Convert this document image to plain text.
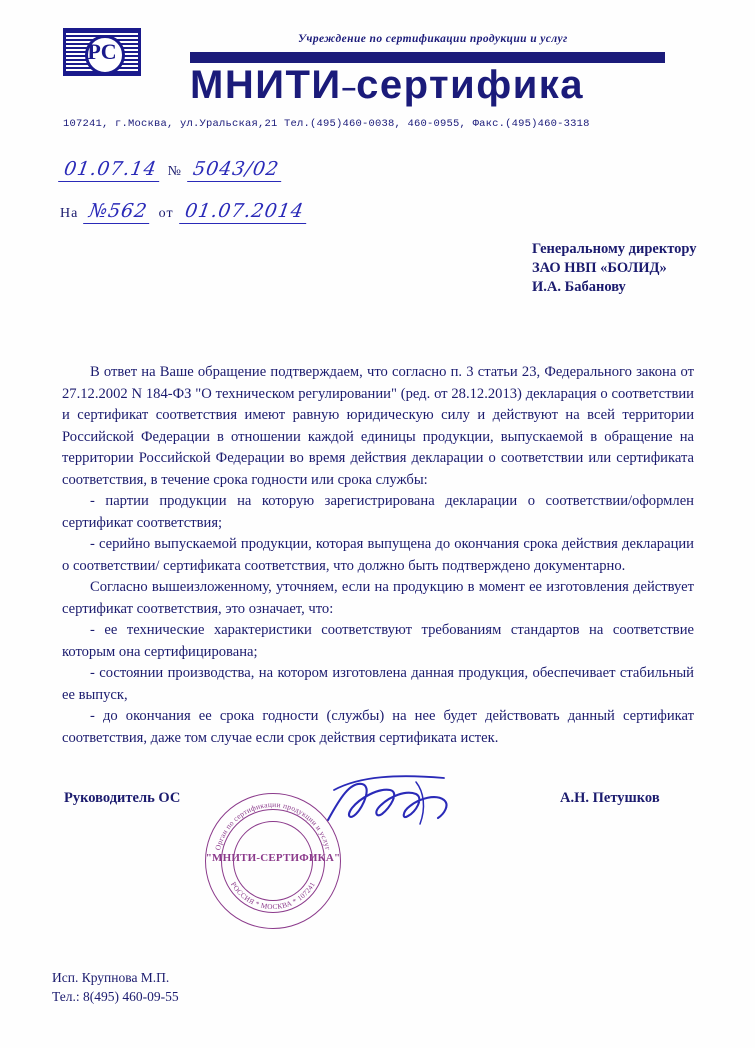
PC	Учреждение по сертификации продукции и услуг
МНИТИ–сертифика
107241, г.Москва, ул.Уральская,21 Тел.(495)460-0038, 460-0955, Факс.(495)460-3318
01.07.14 № 5043/02
На №562 от 01.07.2014
Генеральному директору
ЗАО НВП «БОЛИД»
И.А. Бабанову

В ответ на Ваше обращение подтверждаем, что согласно п. 3 статьи 23, Федерального закона от 27.12.2002 N 184-ФЗ "О техническом регулировании" (ред. от 28.12.2013) декларация о соответствии и сертификат соответствия имеют равную юридическую силу и действуют на всей территории Российской Федерации в отношении каждой единицы продукции, выпускаемой в обращение на территории Российской Федерации во время действия декларации о соответствии или сертификата соответствия, в течение срока годности или срока службы:

- партии продукции на которую зарегистрирована декларации о соответствии/оформлен сертификат соответствия;

- серийно выпускаемой продукции, которая выпущена до окончания срока действия декларации о соответствии/ сертификата соответствия, что должно быть подтверждено документарно.

Согласно вышеизложенному, уточняем, если на продукцию в момент ее изготовления действует сертификат соответствия, это означает, что:

- ее технические характеристики соответствуют требованиям стандартов на соответствие которым она сертифицирована;

- состоянии производства, на котором изготовлена данная продукция, обеспечивает стабильный ее выпуск,

- до окончания ее срока годности (службы) на нее будет действовать данный сертификат соответствия, даже том случае если срок действия сертификата истек.

Руководитель ОС	А.Н. Петушков
Орган по сертификации продукции и услуг
РОССИЯ * МОСКВА * 107241
"МНИТИ-СЕРТИФИКА"
Исп. Крупнова М.П.
Тел.: 8(495) 460-09-55
